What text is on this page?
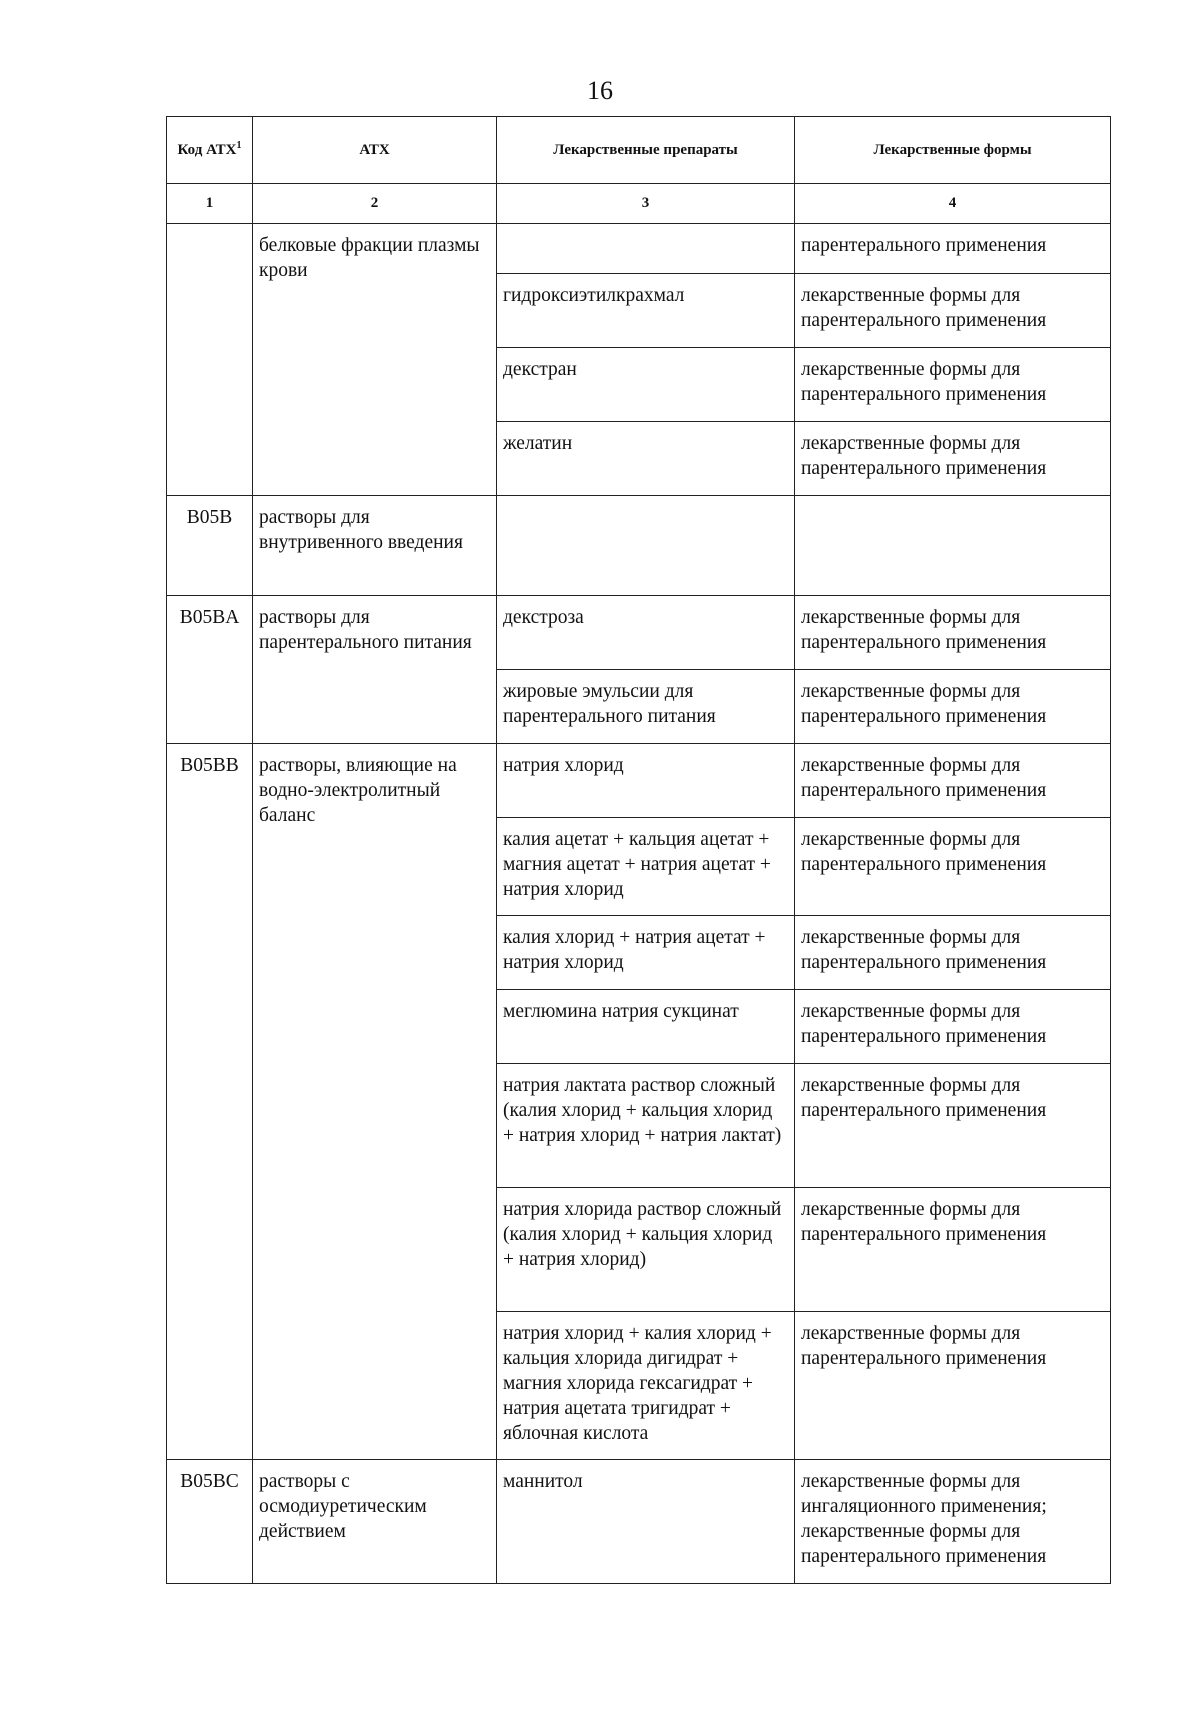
16
Код АТХ$^1$	АТХ	Лекарственные препараты	Лекарственные формы
1	2	3	4
	белковые фракции плазмы крови		парентерального применения
		гидроксиэтилкрахмал	лекарственные формы для парентерального применения
		декстран	лекарственные формы для парентерального применения
		желатин	лекарственные формы для парентерального применения
B05B	растворы для внутривенного введения		
B05BA	растворы для парентерального питания	декстроза	лекарственные формы для парентерального применения
		жировые эмульсии для парентерального питания	лекарственные формы для парентерального применения
B05BB	растворы, влияющие на водно-электролитный баланс	натрия хлорид	лекарственные формы для парентерального применения
		калия ацетат + кальция ацетат + магния ацетат + натрия ацетат + натрия хлорид	лекарственные формы для парентерального применения
		калия хлорид + натрия ацетат + натрия хлорид	лекарственные формы для парентерального применения
		меглюмина натрия сукцинат	лекарственные формы для парентерального применения
		натрия лактата раствор сложный (калия хлорид + кальция хлорид + натрия хлорид + натрия лактат)	лекарственные формы для парентерального применения
		натрия хлорида раствор сложный (калия хлорид + кальция хлорид + натрия хлорид)	лекарственные формы для парентерального применения
		натрия хлорид + калия хлорид + кальция хлорида дигидрат + магния хлорида гексагидрат + натрия ацетата тригидрат + яблочная кислота	лекарственные формы для парентерального применения
B05BC	растворы с осмодиуретическим действием	маннитол	лекарственные формы для ингаляционного применения; лекарственные формы для парентерального применения
